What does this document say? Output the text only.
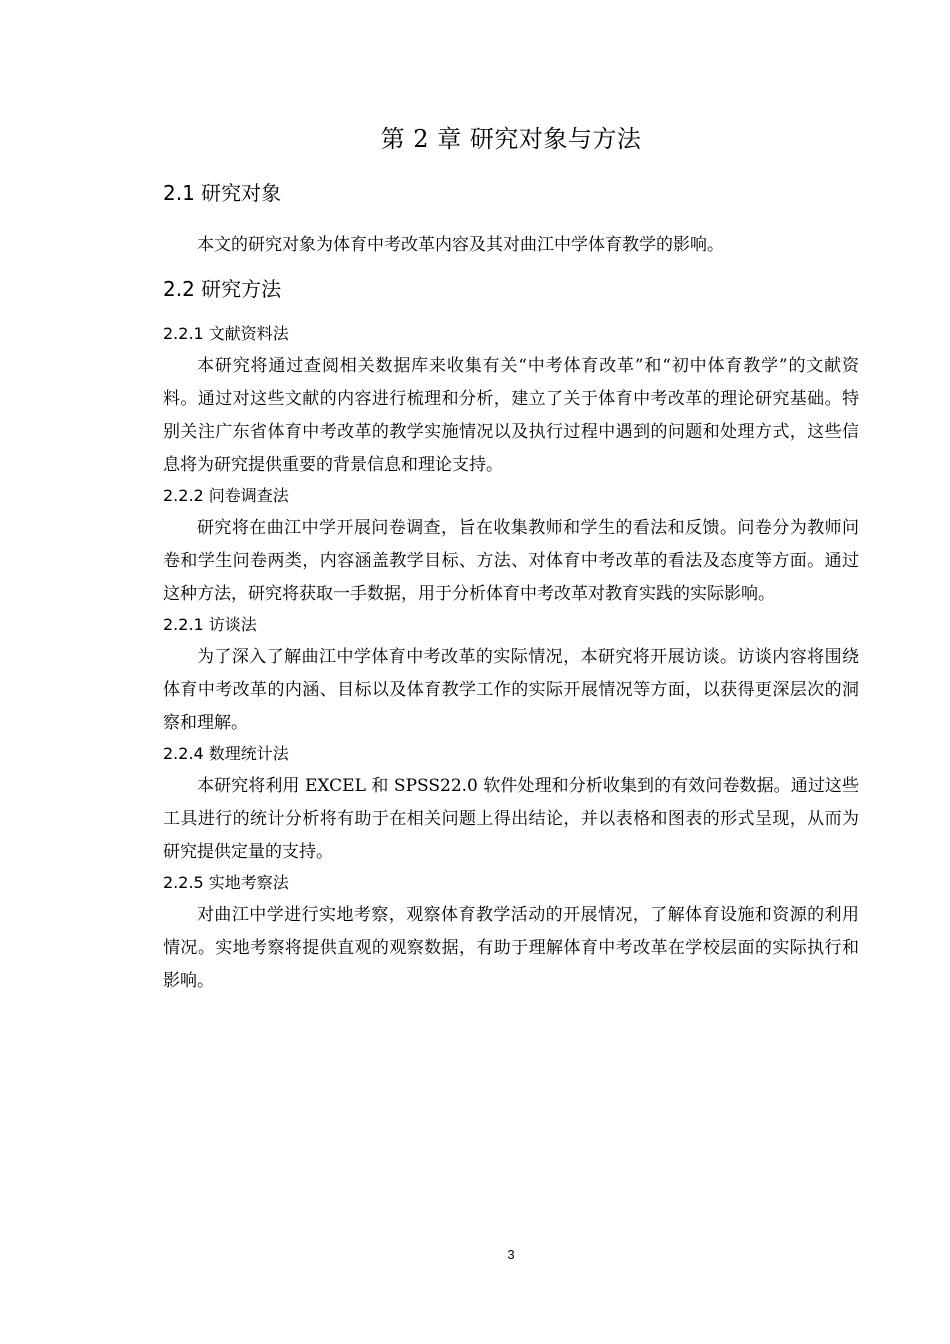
第 2 章 研究对象与方法
2.1 研究对象

本文的研究对象为体育中考改革内容及其对曲江中学体育教学的影响。

2.2 研究方法
2.2.1 文献资料法

本研究将通过查阅相关数据库来收集有关“中考体育改革”和“初中体育教学”的文献资料。通过对这些文献的内容进行梳理和分析，建立了关于体育中考改革的理论研究基础。特别关注广东省体育中考改革的教学实施情况以及执行过程中遇到的问题和处理方式，这些信息将为研究提供重要的背景信息和理论支持。

2.2.2 问卷调查法

研究将在曲江中学开展问卷调查，旨在收集教师和学生的看法和反馈。问卷分为教师问卷和学生问卷两类，内容涵盖教学目标、方法、对体育中考改革的看法及态度等方面。通过这种方法，研究将获取一手数据，用于分析体育中考改革对教育实践的实际影响。

2.2.1 访谈法

为了深入了解曲江中学体育中考改革的实际情况，本研究将开展访谈。访谈内容将围绕体育中考改革的内涵、目标以及体育教学工作的实际开展情况等方面，以获得更深层次的洞察和理解。

2.2.4 数理统计法

本研究将利用 EXCEL 和 SPSS22.0 软件处理和分析收集到的有效问卷数据。通过这些工具进行的统计分析将有助于在相关问题上得出结论，并以表格和图表的形式呈现，从而为研究提供定量的支持。

2.2.5 实地考察法

对曲江中学进行实地考察，观察体育教学活动的开展情况，了解体育设施和资源的利用情况。实地考察将提供直观的观察数据，有助于理解体育中考改革在学校层面的实际执行和影响。

3
